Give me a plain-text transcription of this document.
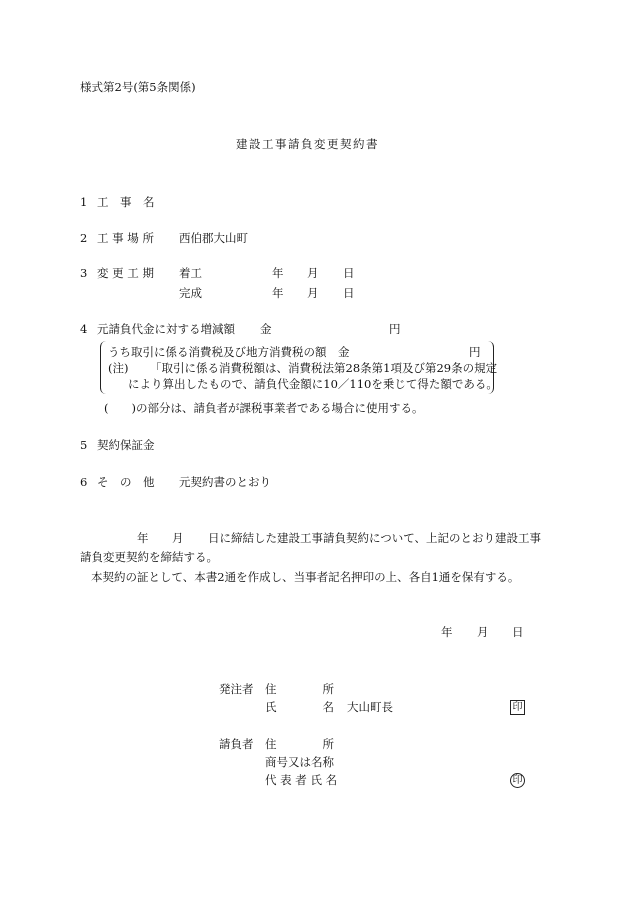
様式第2号(第5条関係)
建設工事請負変更契約書
1 工　事　名
2 工 事 場 所 西伯郡大山町
3 変 更 工 期 着工	年 月 日
完成	年 月 日
4 元請負代金に対する増減額 金	円
うち取引に係る消費税及び地方消費税の額　金	円
(注) 「取引に係る消費税額は、消費税法第28条第1項及び第29条の規定
により算出したもので、請負代金額に10／110を乗じて得た額である。
(　　)の部分は、請負者が課税事業者である場合に使用する。
5 契約保証金
6 そ　の　他 元契約書のとおり
年 月 日に締結した建設工事請負契約について、上記のとおり建設工事
請負変更契約を締結する。
本契約の証として、本書2通を作成し、当事者記名押印の上、各自1通を保有する。
年 月 日
発注者 住　　　　所
氏　　　　名 大山町長	印
請負者 住　　　　所
商号又は名称
代 表 者 氏 名	印
